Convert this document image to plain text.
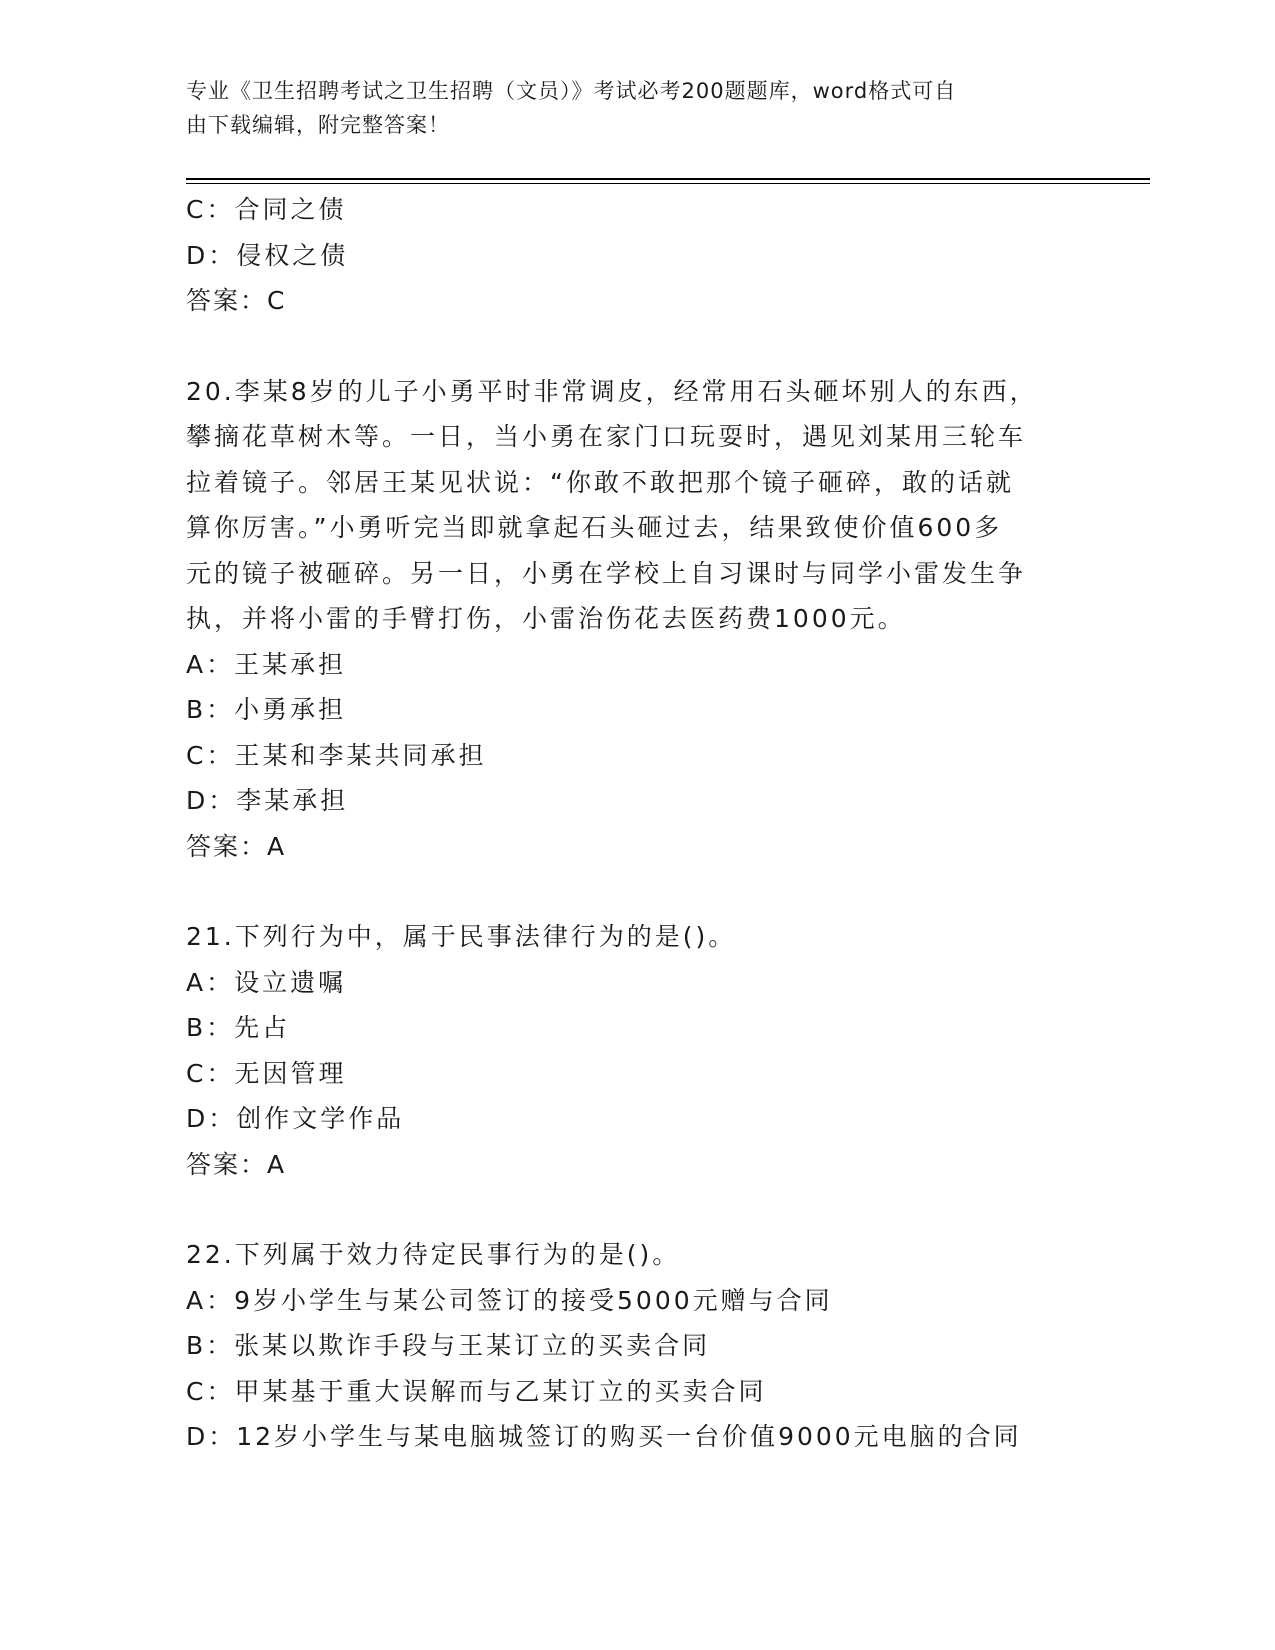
专业《卫生招聘考试之卫生招聘（文员）》考试必考200题题库，word格式可自
由下载编辑，附完整答案！
C：合同之债
D：侵权之债
答案：C
20.李某8岁的儿子小勇平时非常调皮，经常用石头砸坏别人的东西，
攀摘花草树木等。一日，当小勇在家门口玩耍时，遇见刘某用三轮车
拉着镜子。邻居王某见状说：“你敢不敢把那个镜子砸碎，敢的话就
算你厉害。”小勇听完当即就拿起石头砸过去，结果致使价值600多
元的镜子被砸碎。另一日，小勇在学校上自习课时与同学小雷发生争
执，并将小雷的手臂打伤，小雷治伤花去医药费1000元。
A：王某承担
B：小勇承担
C：王某和李某共同承担
D：李某承担
答案：A
21.下列行为中，属于民事法律行为的是()。
A：设立遗嘱
B：先占
C：无因管理
D：创作文学作品
答案：A
22.下列属于效力待定民事行为的是()。
A：9岁小学生与某公司签订的接受5000元赠与合同
B：张某以欺诈手段与王某订立的买卖合同
C：甲某基于重大误解而与乙某订立的买卖合同
D：12岁小学生与某电脑城签订的购买一台价值9000元电脑的合同
